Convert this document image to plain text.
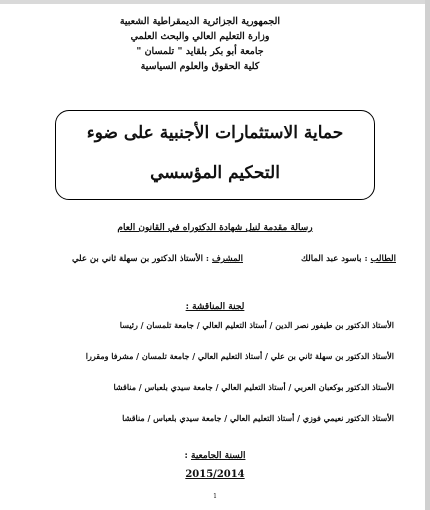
الجمهورية الجزائرية الديمقراطية الشعبية
وزارة التعليم العالي والبحث العلمي
جامعة أبو بكر بلقايد " تلمسان "
كلية الحقوق والعلوم السياسية
حماية الاستثمارات الأجنبية على ضوء
التحكيم المؤسسي
رسالة مقدمة لنيل شهادة الدكتوراه في القانون العام
الطالب : باسود عبد المالك
المشرف : الأستاذ الدكتور بن سهلة ثاني بن علي
لجنة المناقشة :
الأستاذ الدكتور بن طيفور نصر الدين / أستاذ التعليم العالي / جامعة تلمسان / رئيسا
الأستاذ الدكتور بن سهلة ثاني بن علي / أستاذ التعليم العالي / جامعة تلمسان / مشرفا ومقررا
الأستاذ الدكتور بوكعبان العربي / أستاذ التعليم العالي / جامعة سيدي بلعباس / مناقشا
الأستاذ الدكتور نعيمي فوزي / أستاذ التعليم العالي / جامعة سيدي بلعباس / مناقشا
السنة الجامعية :
2015/2014
1
